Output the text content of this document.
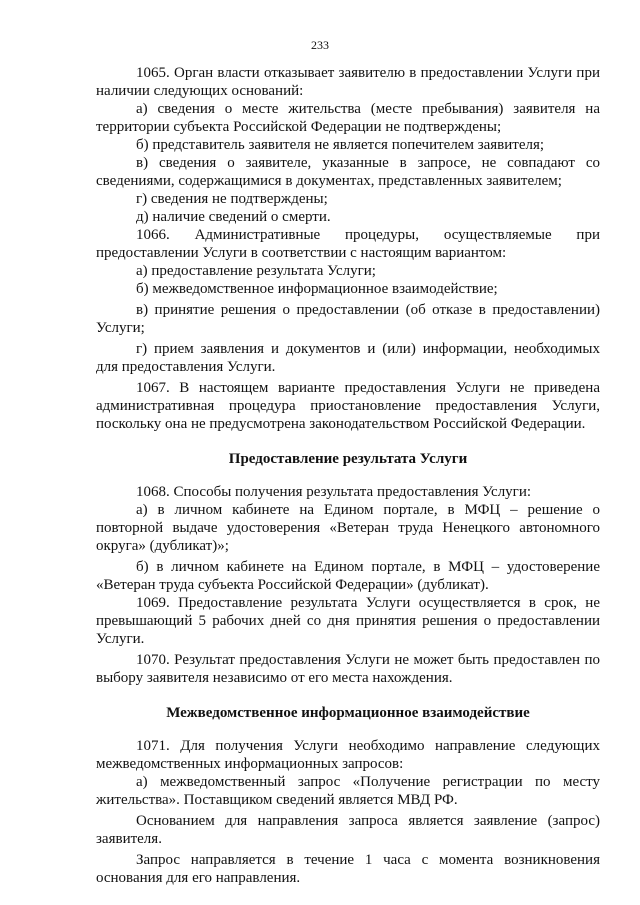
233

1065. Орган власти отказывает заявителю в предоставлении Услуги при наличии следующих оснований:

а) сведения о месте жительства (месте пребывания) заявителя на территории субъекта Российской Федерации не подтверждены;

б) представитель заявителя не является попечителем заявителя;

в) сведения о заявителе, указанные в запросе, не совпадают со сведениями, содержащимися в документах, представленных заявителем;

г) сведения не подтверждены;

д) наличие сведений о смерти.

1066. Административные процедуры, осуществляемые при предоставлении Услуги в соответствии с настоящим вариантом:

а) предоставление результата Услуги;

б) межведомственное информационное взаимодействие;

в) принятие решения о предоставлении (об отказе в предоставлении) Услуги;

г) прием заявления и документов и (или) информации, необходимых для предоставления Услуги.

1067. В настоящем варианте предоставления Услуги не приведена административная процедура приостановление предоставления Услуги, поскольку она не предусмотрена законодательством Российской Федерации.

Предоставление результата Услуги

1068. Способы получения результата предоставления Услуги:

а) в личном кабинете на Едином портале, в МФЦ – решение о повторной выдаче удостоверения «Ветеран труда Ненецкого автономного округа» (дубликат)»;

б) в личном кабинете на Едином портале, в МФЦ – удостоверение «Ветеран труда субъекта Российской Федерации» (дубликат).

1069. Предоставление результата Услуги осуществляется в срок, не превышающий 5 рабочих дней со дня принятия решения о предоставлении Услуги.

1070. Результат предоставления Услуги не может быть предоставлен по выбору заявителя независимо от его места нахождения.

Межведомственное информационное взаимодействие

1071. Для получения Услуги необходимо направление следующих межведомственных информационных запросов:

а) межведомственный запрос «Получение регистрации по месту жительства». Поставщиком сведений является МВД РФ.

Основанием для направления запроса является заявление (запрос) заявителя.

Запрос направляется в течение 1 часа с момента возникновения основания для его направления.
